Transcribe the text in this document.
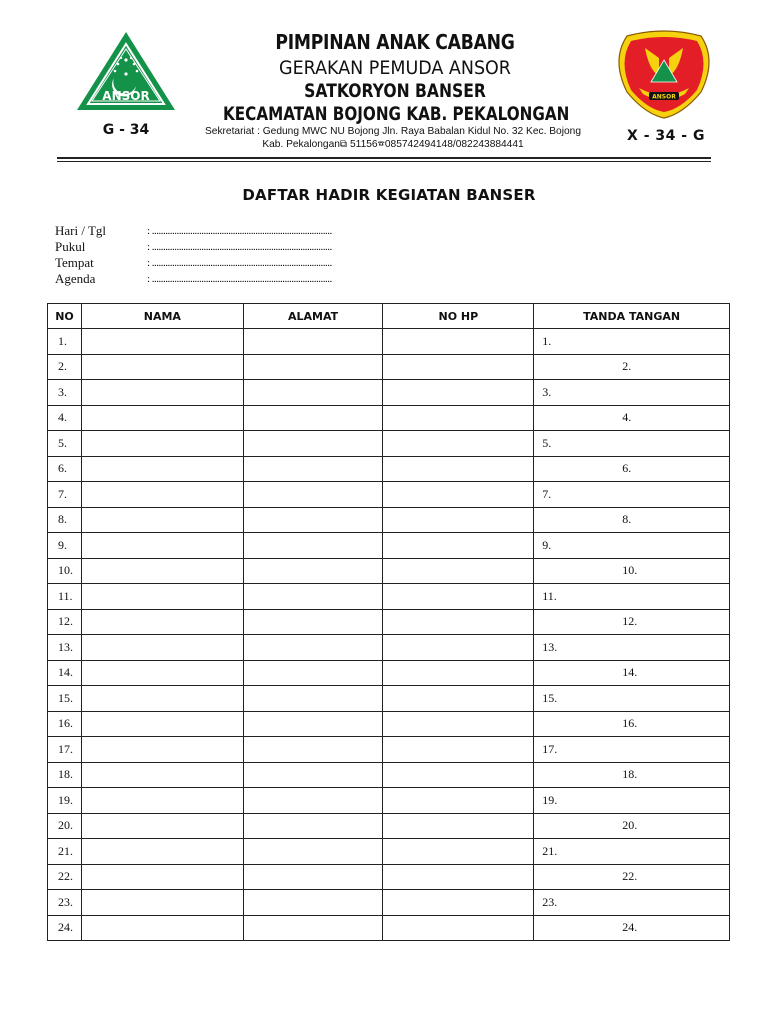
ANSOR	ANSOR
G - 34	X - 34 - G
PIMPINAN ANAK CABANG
GERAKAN PEMUDA ANSOR
SATKORYON BANSER
KECAMATAN BOJONG KAB. PEKALONGAN
Sekretariat : Gedung MWC NU Bojong Jln. Raya Babalan Kidul No. 32 Kec. Bojong
Kab. Pekalongan⧉ 51156☎085742494148/082243884441
DAFTAR HADIR KEGIATAN BANSER
Hari / Tgl	: ................................................................................
Pukul	: ................................................................................
Tempat	: ................................................................................
Agenda	: ................................................................................
NO	NAMA	ALAMAT	NO HP	TANDA TANGAN
1.				1.
2.				2.
3.				3.
4.				4.
5.				5.
6.				6.
7.				7.
8.				8.
9.				9.
10.				10.
11.				11.
12.				12.
13.				13.
14.				14.
15.				15.
16.				16.
17.				17.
18.				18.
19.				19.
20.				20.
21.				21.
22.				22.
23.				23.
24.				24.
